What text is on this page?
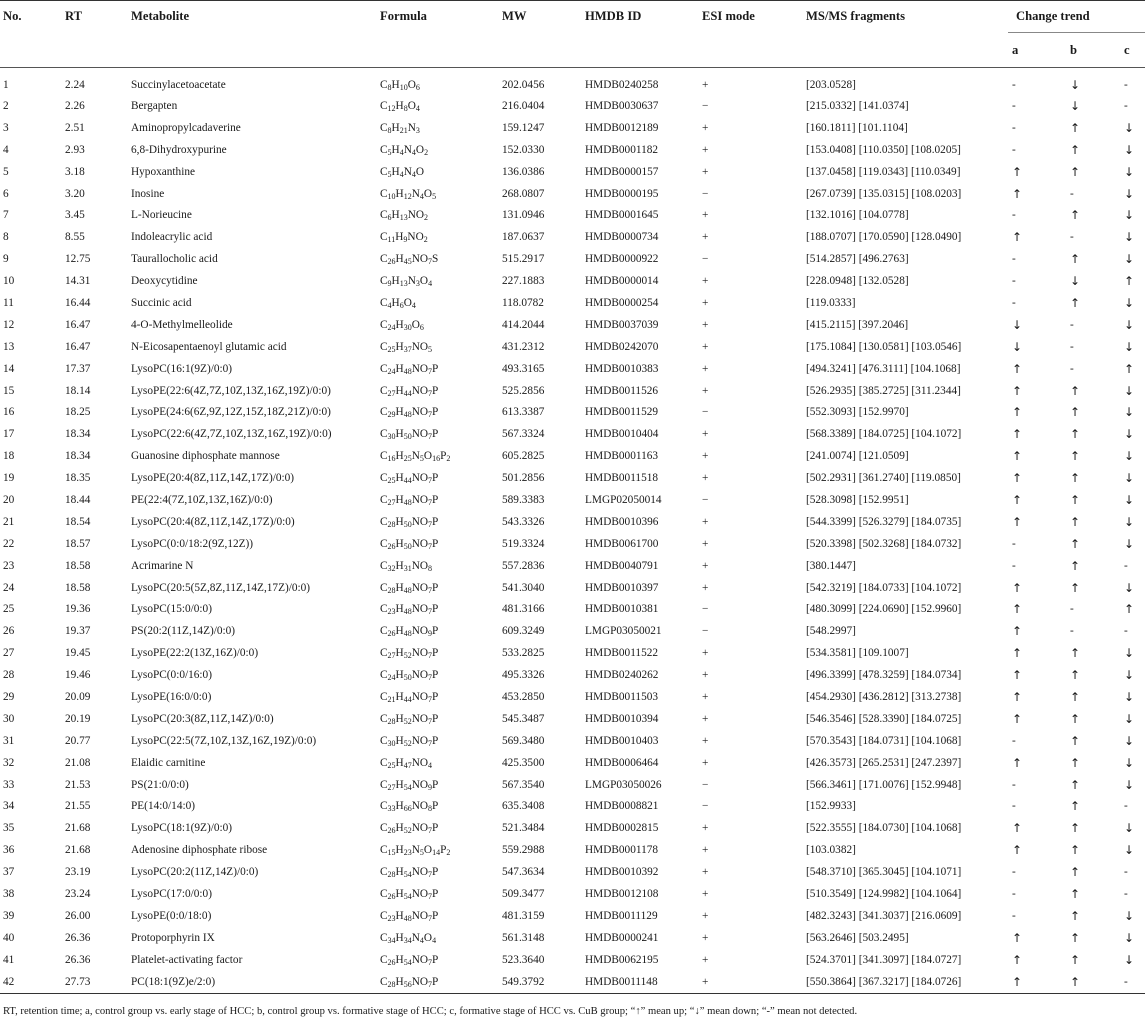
No.	RT	Metabolite	Formula	MW	HMDB ID	ESI mode	MS/MS fragments	Change trend		
								a	b	c
1	2.24	Succinylacetoacetate	$C_8H_{10}O_6$	202.0456	HMDB0240258	+	[203.0528]	-	↓	-
2	2.26	Bergapten	$C_{12}H_8O_4$	216.0404	HMDB0030637	−	[215.0332] [141.0374]	-	↓	-
3	2.51	Aminopropylcadaverine	$C_8H_{21}N_3$	159.1247	HMDB0012189	+	[160.1811] [101.1104]	-	↑	↓
4	2.93	6,8-Dihydroxypurine	$C_5H_4N_4O_2$	152.0330	HMDB0001182	+	[153.0408] [110.0350] [108.0205]	-	↑	↓
5	3.18	Hypoxanthine	$C_5H_4N_4O$	136.0386	HMDB0000157	+	[137.0458] [119.0343] [110.0349]	↑	↑	↓
6	3.20	Inosine	$C_{10}H_{12}N_4O_5$	268.0807	HMDB0000195	−	[267.0739] [135.0315] [108.0203]	↑	-	↓
7	3.45	L-Norieucine	$C_6H_{13}NO_2$	131.0946	HMDB0001645	+	[132.1016] [104.0778]	-	↑	↓
8	8.55	Indoleacrylic acid	$C_{11}H_9NO_2$	187.0637	HMDB0000734	+	[188.0707] [170.0590] [128.0490]	↑	-	↓
9	12.75	Taurallocholic acid	$C_{26}H_{45}NO_7S$	515.2917	HMDB0000922	−	[514.2857] [496.2763]	-	↑	↓
10	14.31	Deoxycytidine	$C_9H_{13}N_3O_4$	227.1883	HMDB0000014	+	[228.0948] [132.0528]	-	↓	↑
11	16.44	Succinic acid	$C_4H_6O_4$	118.0782	HMDB0000254	+	[119.0333]	-	↑	↓
12	16.47	4-O-Methylmelleolide	$C_{24}H_{30}O_6$	414.2044	HMDB0037039	+	[415.2115] [397.2046]	↓	-	↓
13	16.47	N-Eicosapentaenoyl glutamic acid	$C_{25}H_{37}NO_5$	431.2312	HMDB0242070	+	[175.1084] [130.0581] [103.0546]	↓	-	↓
14	17.37	LysoPC(16:1(9Z)/0:0)	$C_{24}H_{48}NO_7P$	493.3165	HMDB0010383	+	[494.3241] [476.3111] [104.1068]	↑	-	↑
15	18.14	LysoPE(22:6(4Z,7Z,10Z,13Z,16Z,19Z)/0:0)	$C_{27}H_{44}NO_7P$	525.2856	HMDB0011526	+	[526.2935] [385.2725] [311.2344]	↑	↑	↓
16	18.25	LysoPE(24:6(6Z,9Z,12Z,15Z,18Z,21Z)/0:0)	$C_{29}H_{48}NO_7P$	613.3387	HMDB0011529	−	[552.3093] [152.9970]	↑	↑	↓
17	18.34	LysoPC(22:6(4Z,7Z,10Z,13Z,16Z,19Z)/0:0)	$C_{30}H_{50}NO_7P$	567.3324	HMDB0010404	+	[568.3389] [184.0725] [104.1072]	↑	↑	↓
18	18.34	Guanosine diphosphate mannose	$C_{16}H_{25}N_5O_{16}P_2$	605.2825	HMDB0001163	+	[241.0074] [121.0509]	↑	↑	↓
19	18.35	LysoPE(20:4(8Z,11Z,14Z,17Z)/0:0)	$C_{25}H_{44}NO_7P$	501.2856	HMDB0011518	+	[502.2931] [361.2740] [119.0850]	↑	↑	↓
20	18.44	PE(22:4(7Z,10Z,13Z,16Z)/0:0)	$C_{27}H_{48}NO_7P$	589.3383	LMGP02050014	−	[528.3098] [152.9951]	↑	↑	↓
21	18.54	LysoPC(20:4(8Z,11Z,14Z,17Z)/0:0)	$C_{28}H_{50}NO_7P$	543.3326	HMDB0010396	+	[544.3399] [526.3279] [184.0735]	↑	↑	↓
22	18.57	LysoPC(0:0/18:2(9Z,12Z))	$C_{26}H_{50}NO_7P$	519.3324	HMDB0061700	+	[520.3398] [502.3268] [184.0732]	-	↑	↓
23	18.58	Acrimarine N	$C_{32}H_{31}NO_8$	557.2836	HMDB0040791	+	[380.1447]	-	↑	-
24	18.58	LysoPC(20:5(5Z,8Z,11Z,14Z,17Z)/0:0)	$C_{28}H_{48}NO_7P$	541.3040	HMDB0010397	+	[542.3219] [184.0733] [104.1072]	↑	↑	↓
25	19.36	LysoPC(15:0/0:0)	$C_{23}H_{48}NO_7P$	481.3166	HMDB0010381	−	[480.3099] [224.0690] [152.9960]	↑	-	↑
26	19.37	PS(20:2(11Z,14Z)/0:0)	$C_{26}H_{48}NO_9P$	609.3249	LMGP03050021	−	[548.2997]	↑	-	-
27	19.45	LysoPE(22:2(13Z,16Z)/0:0)	$C_{27}H_{52}NO_7P$	533.2825	HMDB0011522	+	[534.3581] [109.1007]	↑	↑	↓
28	19.46	LysoPC(0:0/16:0)	$C_{24}H_{50}NO_7P$	495.3326	HMDB0240262	+	[496.3399] [478.3259] [184.0734]	↑	↑	↓
29	20.09	LysoPE(16:0/0:0)	$C_{21}H_{44}NO_7P$	453.2850	HMDB0011503	+	[454.2930] [436.2812] [313.2738]	↑	↑	↓
30	20.19	LysoPC(20:3(8Z,11Z,14Z)/0:0)	$C_{28}H_{52}NO_7P$	545.3487	HMDB0010394	+	[546.3546] [528.3390] [184.0725]	↑	↑	↓
31	20.77	LysoPC(22:5(7Z,10Z,13Z,16Z,19Z)/0:0)	$C_{30}H_{52}NO_7P$	569.3480	HMDB0010403	+	[570.3543] [184.0731] [104.1068]	-	↑	↓
32	21.08	Elaidic carnitine	$C_{25}H_{47}NO_4$	425.3500	HMDB0006464	+	[426.3573] [265.2531] [247.2397]	↑	↑	↓
33	21.53	PS(21:0/0:0)	$C_{27}H_{54}NO_9P$	567.3540	LMGP03050026	−	[566.3461] [171.0076] [152.9948]	-	↑	↓
34	21.55	PE(14:0/14:0)	$C_{33}H_{66}NO_8P$	635.3408	HMDB0008821	−	[152.9933]	-	↑	-
35	21.68	LysoPC(18:1(9Z)/0:0)	$C_{26}H_{52}NO_7P$	521.3484	HMDB0002815	+	[522.3555] [184.0730] [104.1068]	↑	↑	↓
36	21.68	Adenosine diphosphate ribose	$C_{15}H_{23}N_5O_{14}P_2$	559.2988	HMDB0001178	+	[103.0382]	↑	↑	↓
37	23.19	LysoPC(20:2(11Z,14Z)/0:0)	$C_{28}H_{54}NO_7P$	547.3634	HMDB0010392	+	[548.3710] [365.3045] [104.1071]	-	↑	-
38	23.24	LysoPC(17:0/0:0)	$C_{26}H_{54}NO_7P$	509.3477	HMDB0012108	+	[510.3549] [124.9982] [104.1064]	-	↑	-
39	26.00	LysoPE(0:0/18:0)	$C_{23}H_{48}NO_7P$	481.3159	HMDB0011129	+	[482.3243] [341.3037] [216.0609]	-	↑	↓
40	26.36	Protoporphyrin IX	$C_{34}H_{34}N_4O_4$	561.3148	HMDB0000241	+	[563.2646] [503.2495]	↑	↑	↓
41	26.36	Platelet-activating factor	$C_{26}H_{54}NO_7P$	523.3640	HMDB0062195	+	[524.3701] [341.3097] [184.0727]	↑	↑	↓
42	27.73	PC(18:1(9Z)e/2:0)	$C_{28}H_{56}NO_7P$	549.3792	HMDB0011148	+	[550.3864] [367.3217] [184.0726]	↑	↑	-
RT, retention time; a, control group vs. early stage of HCC; b, control group vs. formative stage of HCC; c, formative stage of HCC vs. CuB group; “↑” mean up; “↓” mean down; “-” mean not detected.
